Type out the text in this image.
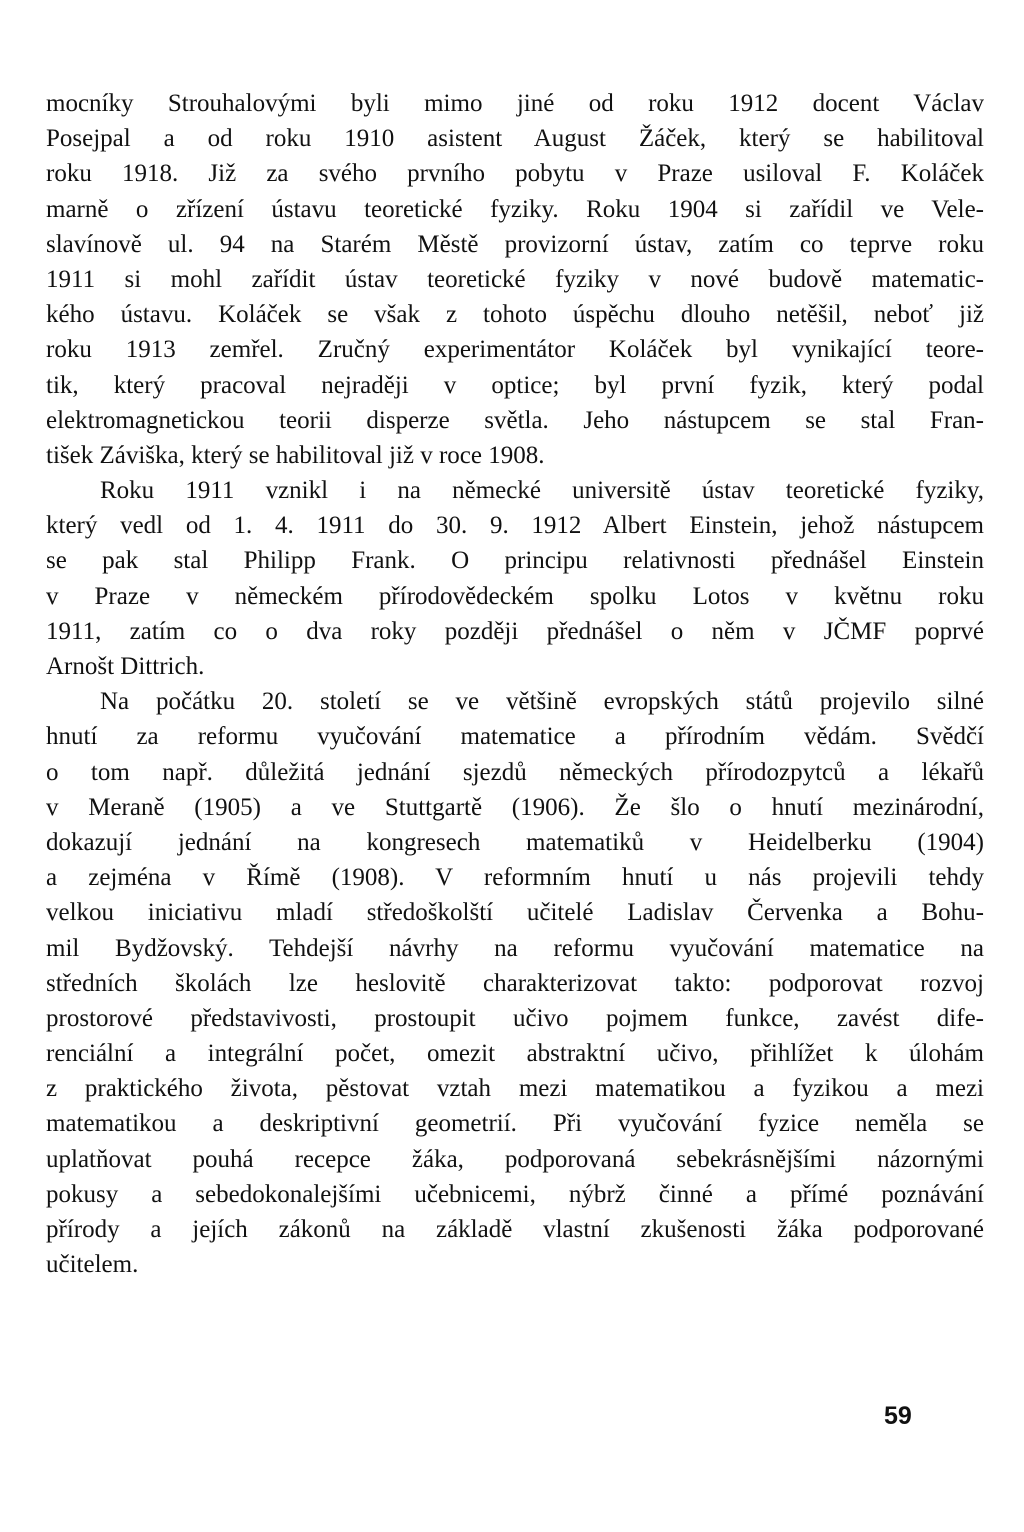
mocníky Strouhalovými byli mimo jiné od roku 1912 docent Václav
Posejpal a od roku 1910 asistent August Žáček, který se habilitoval
roku 1918. Již za svého prvního pobytu v Praze usiloval F. Koláček
marně o zřízení ústavu teoretické fyziky. Roku 1904 si zařídil ve Vele-
slavínově ul. 94 na Starém Městě provizorní ústav, zatím co teprve roku
1911 si mohl zařídit ústav teoretické fyziky v nové budově matematic-
kého ústavu. Koláček se však z tohoto úspěchu dlouho netěšil, neboť již
roku 1913 zemřel. Zručný experimentátor Koláček byl vynikající teore-
tik, který pracoval nejraději v optice; byl první fyzik, který podal
elektromagnetickou teorii disperze světla. Jeho nástupcem se stal Fran-
tišek Záviška, který se habilitoval již v roce 1908.

Roku 1911 vznikl i na německé universitě ústav teoretické fyziky,
který vedl od 1. 4. 1911 do 30. 9. 1912 Albert Einstein, jehož nástupcem
se pak stal Philipp Frank. O principu relativnosti přednášel Einstein
v Praze v německém přírodovědeckém spolku Lotos v květnu roku
1911, zatím co o dva roky později přednášel o něm v JČMF poprvé
Arnošt Dittrich.

Na počátku 20. století se ve většině evropských států projevilo silné
hnutí za reformu vyučování matematice a přírodním vědám. Svědčí
o tom např. důležitá jednání sjezdů německých přírodozpytců a lékařů
v Meraně (1905) a ve Stuttgartě (1906). Že šlo o hnutí mezinárodní,
dokazují jednání na kongresech matematiků v Heidelberku (1904)
a zejména v Římě (1908). V reformním hnutí u nás projevili tehdy
velkou iniciativu mladí středoškolští učitelé Ladislav Červenka a Bohu-
mil Bydžovský. Tehdejší návrhy na reformu vyučování matematice na
středních školách lze heslovitě charakterizovat takto: podporovat rozvoj
prostorové představivosti, prostoupit učivo pojmem funkce, zavést dife-
renciální a integrální počet, omezit abstraktní učivo, přihlížet k úlohám
z praktického života, pěstovat vztah mezi matematikou a fyzikou a mezi
matematikou a deskriptivní geometrií. Při vyučování fyzice neměla se
uplatňovat pouhá recepce žáka, podporovaná sebekrásnějšími názornými
pokusy a sebedokonalejšími učebnicemi, nýbrž činné a přímé poznávání
přírody a jejích zákonů na základě vlastní zkušenosti žáka podporované
učitelem.

59
